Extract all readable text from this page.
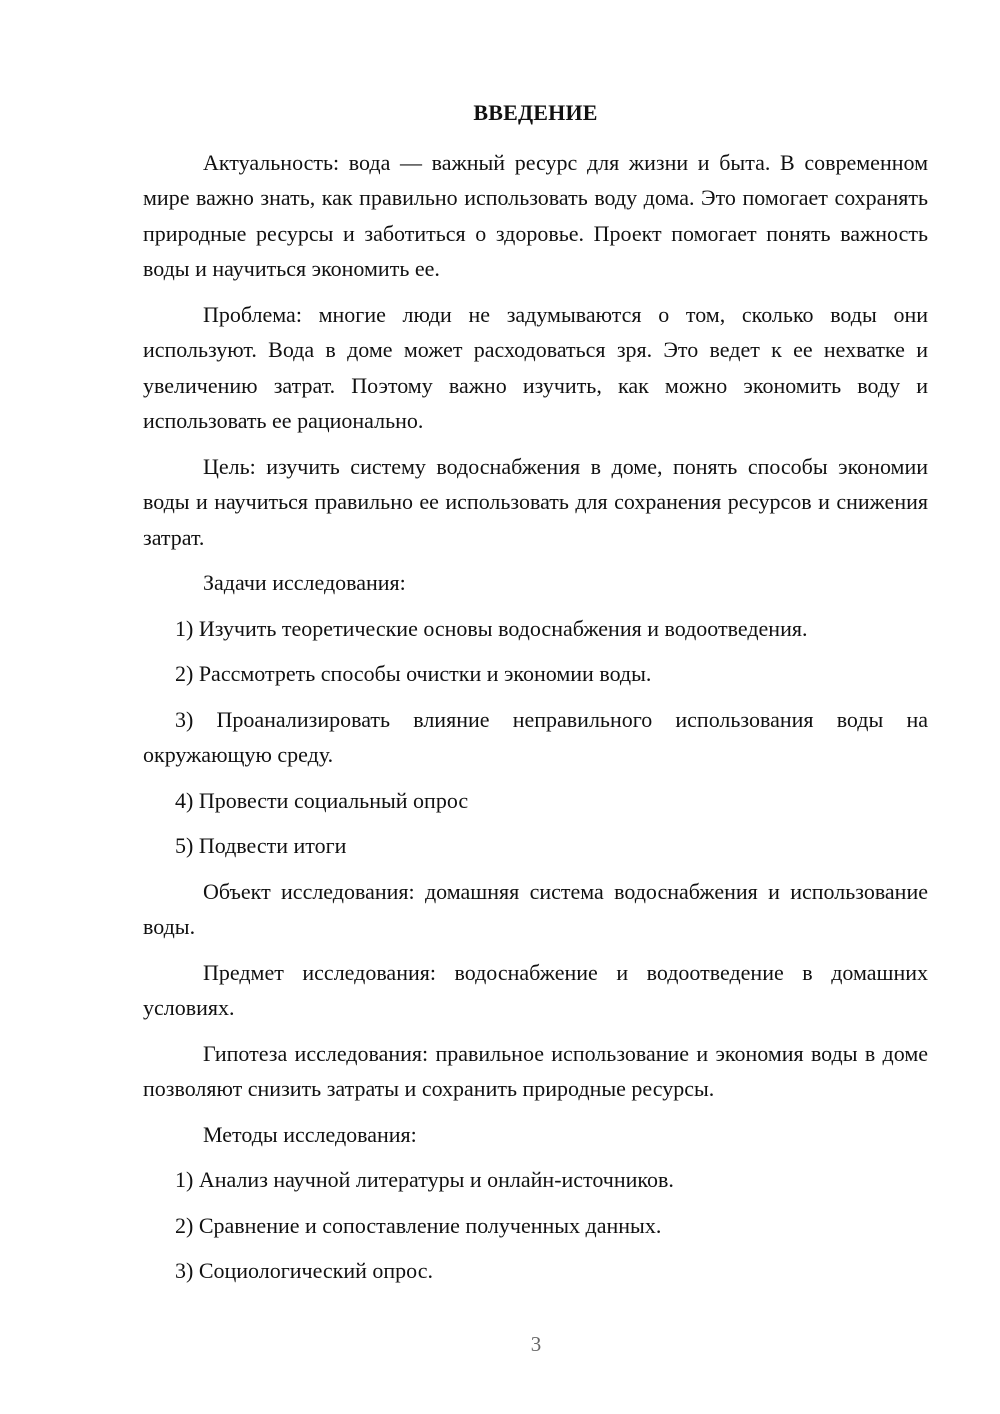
ВВЕДЕНИЕ

Актуальность: вода — важный ресурс для жизни и быта. В современном мире важно знать, как правильно использовать воду дома. Это помогает сохранять природные ресурсы и заботиться о здоровье. Проект помогает понять важность воды и научиться экономить ее.

Проблема: многие люди не задумываются о том, сколько воды они используют. Вода в доме может расходоваться зря. Это ведет к ее нехватке и увеличению затрат. Поэтому важно изучить, как можно экономить воду и использовать ее рационально.

Цель: изучить систему водоснабжения в доме, понять способы экономии воды и научиться правильно ее использовать для сохранения ресурсов и снижения затрат.

Задачи исследования:

1) Изучить теоретические основы водоснабжения и водоотведения.

2) Рассмотреть способы очистки и экономии воды.

3) Проанализировать влияние неправильного использования воды на окружающую среду.

4) Провести социальный опрос

5) Подвести итоги

Объект исследования: домашняя система водоснабжения и использование воды.

Предмет исследования: водоснабжение и водоотведение в домашних условиях.

Гипотеза исследования: правильное использование и экономия воды в доме позволяют снизить затраты и сохранить природные ресурсы.

Методы исследования:

1) Анализ научной литературы и онлайн-источников.

2) Сравнение и сопоставление полученных данных.

3) Социологический опрос.

3
